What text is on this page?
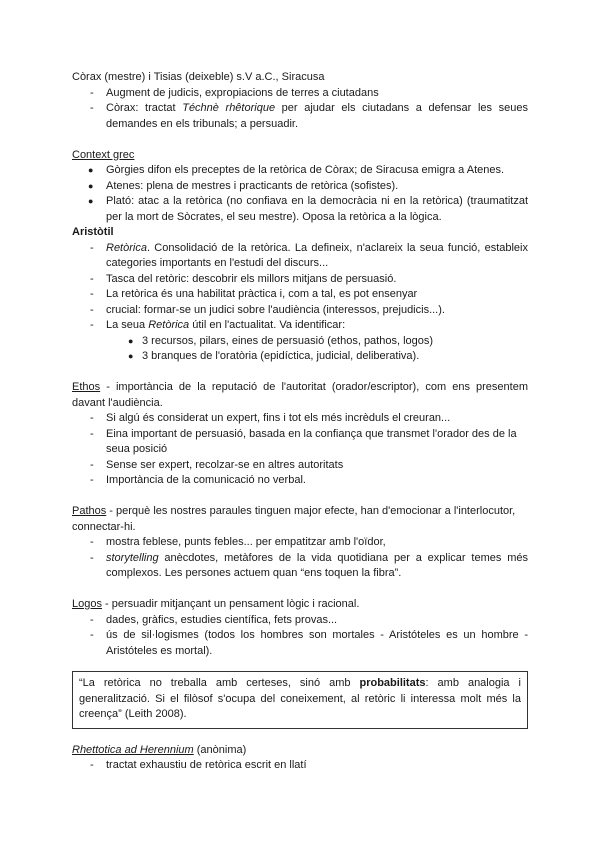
Còrax (mestre) i Tisias (deixeble) s.V a.C., Siracusa

- Augment de judicis, expropiacions de terres a ciutadans
- Còrax: tractat Téchnè rhêtorique per ajudar els ciutadans a defensar les seues demandes en els tribunals; a persuadir.

Context grec

● Gòrgies difon els preceptes de la retòrica de Còrax; de Siracusa emigra a Atenes.
● Atenes: plena de mestres i practicants de retòrica (sofistes).
● Plató: atac a la retòrica (no confiava en la democràcia ni en la retòrica) (traumatitzat per la mort de Sòcrates, el seu mestre). Oposa la retòrica a la lògica.

Aristòtil

- Retòrica. Consolidació de la retòrica. La defineix, n'aclareix la seua funció, estableix categories importants en l'estudi del discurs...
- Tasca del retòric: descobrir els millors mitjans de persuasió.
- La retòrica és una habilitat pràctica i, com a tal, es pot ensenyar
- crucial: formar-se un judici sobre l'audiència (interessos, prejudicis...).
- La seua Retòrica útil en l'actualitat. Va identificar:
● 3 recursos, pilars, eines de persuasió (ethos, pathos, logos)
● 3 branques de l'oratòria (epidíctica, judicial, deliberativa).

Ethos - importància de la reputació de l'autoritat (orador/escriptor), com ens presentem davant l'audiència.

- Si algú és considerat un expert, fins i tot els més incrèduls el creuran...
- Eina important de persuasió, basada en la confiança que transmet l'orador des de la seua posició
- Sense ser expert, recolzar-se en altres autoritats
- Importància de la comunicació no verbal.

Pathos - perquè les nostres paraules tinguen major efecte, han d'emocionar a l'interlocutor, connectar-hi.

- mostra feblese, punts febles... per empatitzar amb l'oïdor,
- storytelling anècdotes, metàfores de la vida quotidiana per a explicar temes més complexos. Les persones actuem quan “ens toquen la fibra”.

Logos - persuadir mitjançant un pensament lògic i racional.

- dades, gràfics, estudies científica, fets provas...
- ús de sil·logismes (todos los hombres son mortales - Aristóteles es un hombre - Aristóteles es mortal).
“La retòrica no treballa amb certeses, sinó amb probabilitats: amb analogia i generalització. Si el filòsof s'ocupa del coneixement, al retòric li interessa molt més la creença” (Leith 2008).

Rhettotica ad Herennium (anònima)

- tractat exhaustiu de retòrica escrit en llatí
